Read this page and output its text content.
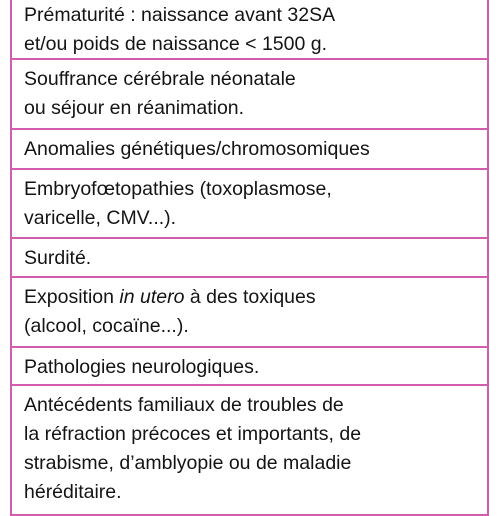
Prématurité : naissance avant 32SA
et/ou poids de naissance < 1500 g.
Souffrance cérébrale néonatale
ou séjour en réanimation.
Anomalies génétiques/chromosomiques
Embryofœtopathies (toxoplasmose,
varicelle, CMV...).
Surdité.
Exposition in utero à des toxiques
(alcool, cocaïne...).
Pathologies neurologiques.
Antécédents familiaux de troubles de
la réfraction précoces et importants, de
strabisme, d’amblyopie ou de maladie
héréditaire.
